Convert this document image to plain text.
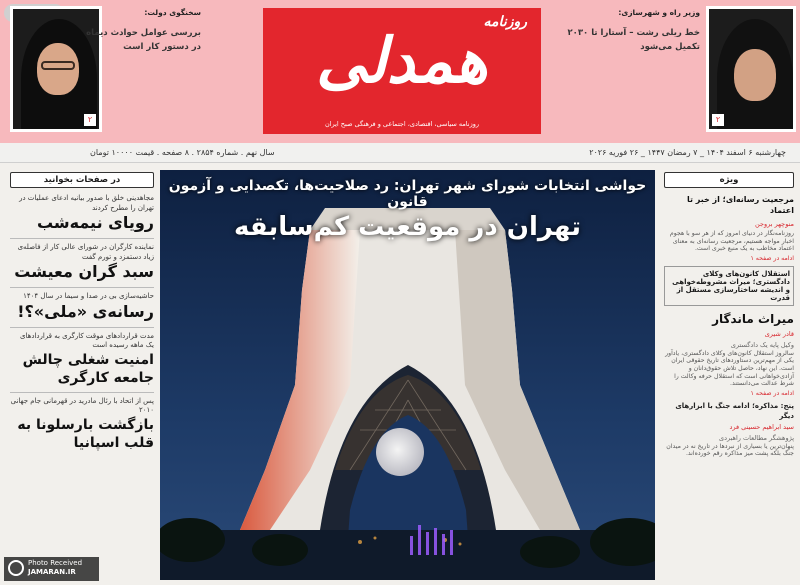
۲
سخنگوی دولت:
بررسی عوامل حوادث دیماه
در دستور کار است
روزنامه
همدلی
روزنامه سیاسی، اقتصادی، اجتماعی و فرهنگی صبح ایران
وزیر راه و شهرسازی:
خط ریلی رشت – آستارا تا ۲۰۳۰
تکمیل می‌شود
۲
سال نهم . شماره ۲۸۵۴ . ۸ صفحه . قیمت ۱۰۰۰۰ تومان	چهارشنبه ۶ اسفند ۱۴۰۴ _ ۷ رمضان ۱۴۴۷ _ ۲۶ فوریه ۲۰۲۶
در صفحات بخوانید
مجاهدینی خلق با صدور بیانیه ادعای عملیات در تهران را مطرح کردند
رویای نیمه‌شب
نماینده کارگران در شورای عالی کار از فاصله‌ی زیاد دستمزد و تورم گفت
سبد گران معیشت
حاشیه‌سازی بی در صدا و سیما در سال ۱۴۰۴
رسانه‌ی «ملی»؟!
مدت قراردادهای موقت کارگری به قراردادهای یک ماهه رسیده است
امنیت شغلی چالش جامعه کارگری
پس از اتحاد با رئال مادرید در قهرمانی جام جهانی ۲۰۱۰
بازگشت بارسلونا به قلب اسپانیا
حواشی انتخابات شورای شهر تهران: رد صلاحیت‌ها، تکصدایی و آزمون قانون
تهران در موقعیت کم‌سابقه
ویژه
مرجعیت رسانه‌ای؛ از خبر تا اعتماد
منوچهر بروجن
روزنامه‌نگار در دنیای امروز که از هر سو با هجوم اخبار مواجه هستیم، مرجعیت رسانه‌ای به معنای اعتماد مخاطب به یک منبع خبری است.
ادامه در صفحه ۱
استقلال کانون‌های وکلای دادگستری؛ میراث مشروطه‌خواهی و اندیشه ساختارسازی مستقل از قدرت
میراث ماندگار
قادر شیری
وکیل پایه یک دادگستری
سالروز استقلال کانون‌های وکلای دادگستری، یادآور یکی از مهم‌ترین دستاوردهای تاریخ حقوقی ایران است. این نهاد، حاصل تلاش حقوق‌دانان و آزادی‌خواهانی است که استقلال حرفه وکالت را شرط عدالت می‌دانستند.
ادامه در صفحه ۱
پنج: مذاکره؛ ادامه جنگ با ابزارهای دیگر
سید ابراهیم حسینی فرد
پژوهشگر مطالعات راهبردی
پنهان‌ترین یا بسیاری از نبردها در تاریخ نه در میدان جنگ بلکه پشت میز مذاکره رقم خورده‌اند.
Photo Received
JAMARAN.IR
